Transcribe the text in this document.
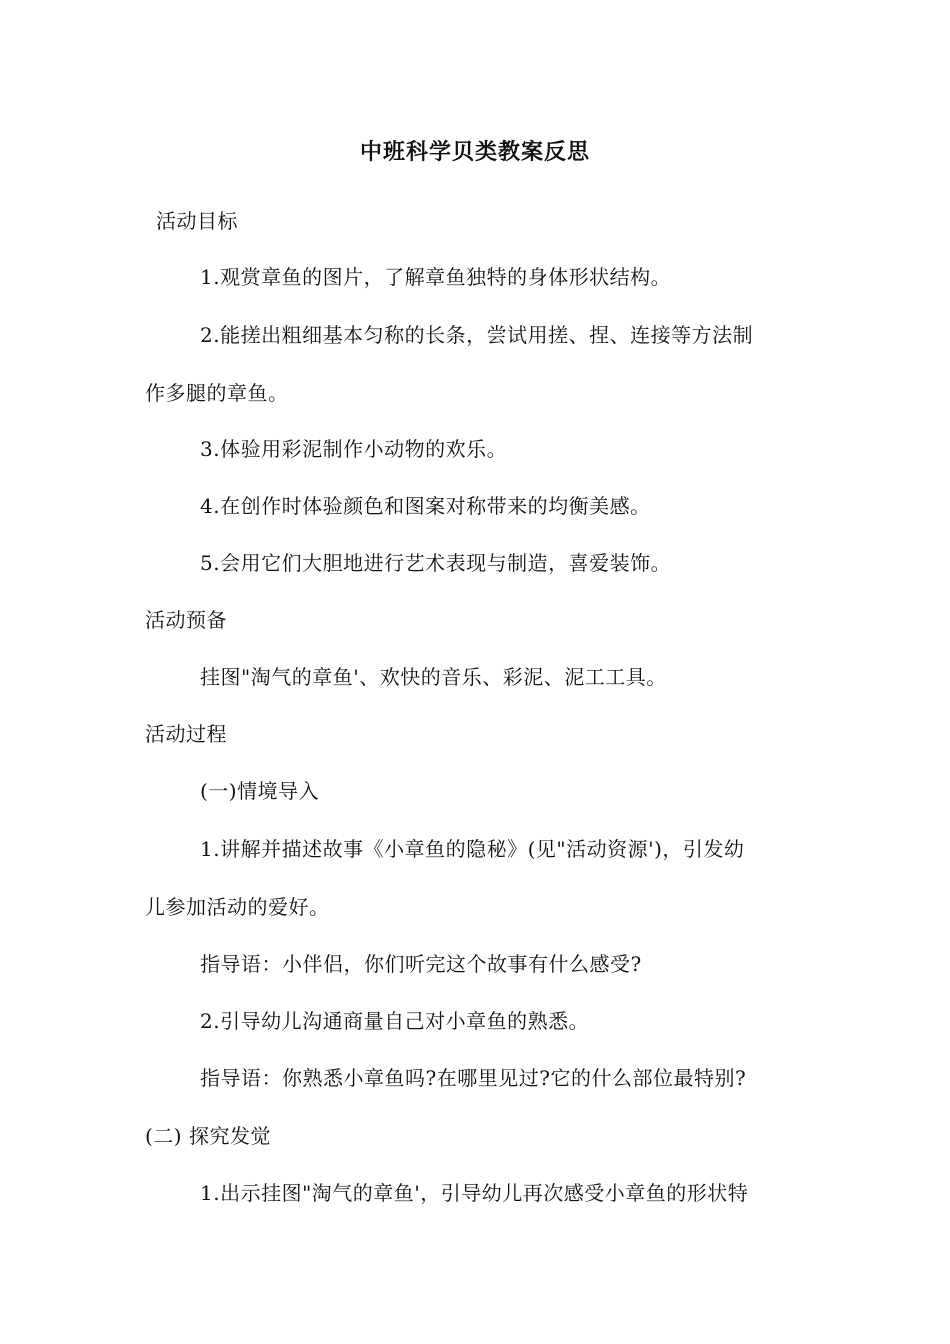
中班科学贝类教案反思
活动目标
1.观赏章鱼的图片，了解章鱼独特的身体形状结构。
2.能搓出粗细基本匀称的长条，尝试用搓、捏、连接等方法制
作多腿的章鱼。
3.体验用彩泥制作小动物的欢乐。
4.在创作时体验颜色和图案对称带来的均衡美感。
5.会用它们大胆地进行艺术表现与制造，喜爱装饰。
活动预备
挂图"淘气的章鱼'、欢快的音乐、彩泥、泥工工具。
活动过程
(一)情境导入
1.讲解并描述故事《小章鱼的隐秘》(见"活动资源')，引发幼
儿参加活动的爱好。
指导语：小伴侣，你们听完这个故事有什么感受?
2.引导幼儿沟通商量自己对小章鱼的熟悉。
指导语：你熟悉小章鱼吗?在哪里见过?它的什么部位最特别?
(二) 探究发觉
1.出示挂图"淘气的章鱼'，引导幼儿再次感受小章鱼的形状特
